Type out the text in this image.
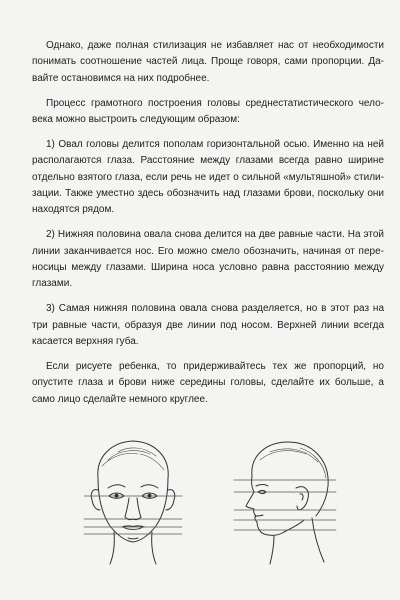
Однако, даже полная стилизация не избавляет нас от необходимости понимать соотношение частей лица. Проще говоря, сами пропорции. Давайте остановимся на них подробнее.

Процесс грамотного построения головы среднестатистического человека можно выстроить следующим образом:

1) Овал головы делится пополам горизонтальной осью. Именно на ней располагаются глаза. Расстояние между глазами всегда равно ширине отдельно взятого глаза, если речь не идет о сильной «мультяшной» стилизации. Также уместно здесь обозначить над глазами брови, поскольку они находятся рядом.

2) Нижняя половина овала снова делится на две равные части. На этой линии заканчивается нос. Его можно смело обозначить, начиная от переносицы между глазами. Ширина носа условно равна расстоянию между глазами.

3) Самая нижняя половина овала снова разделяется, но в этот раз на три равные части, образуя две линии под носом. Верхней линии всегда касается верхняя губа.

Если рисуете ребенка, то придерживайтесь тех же пропорций, но опустите глаза и брови ниже середины головы, сделайте их больше, а само лицо сделайте немного круглее.
